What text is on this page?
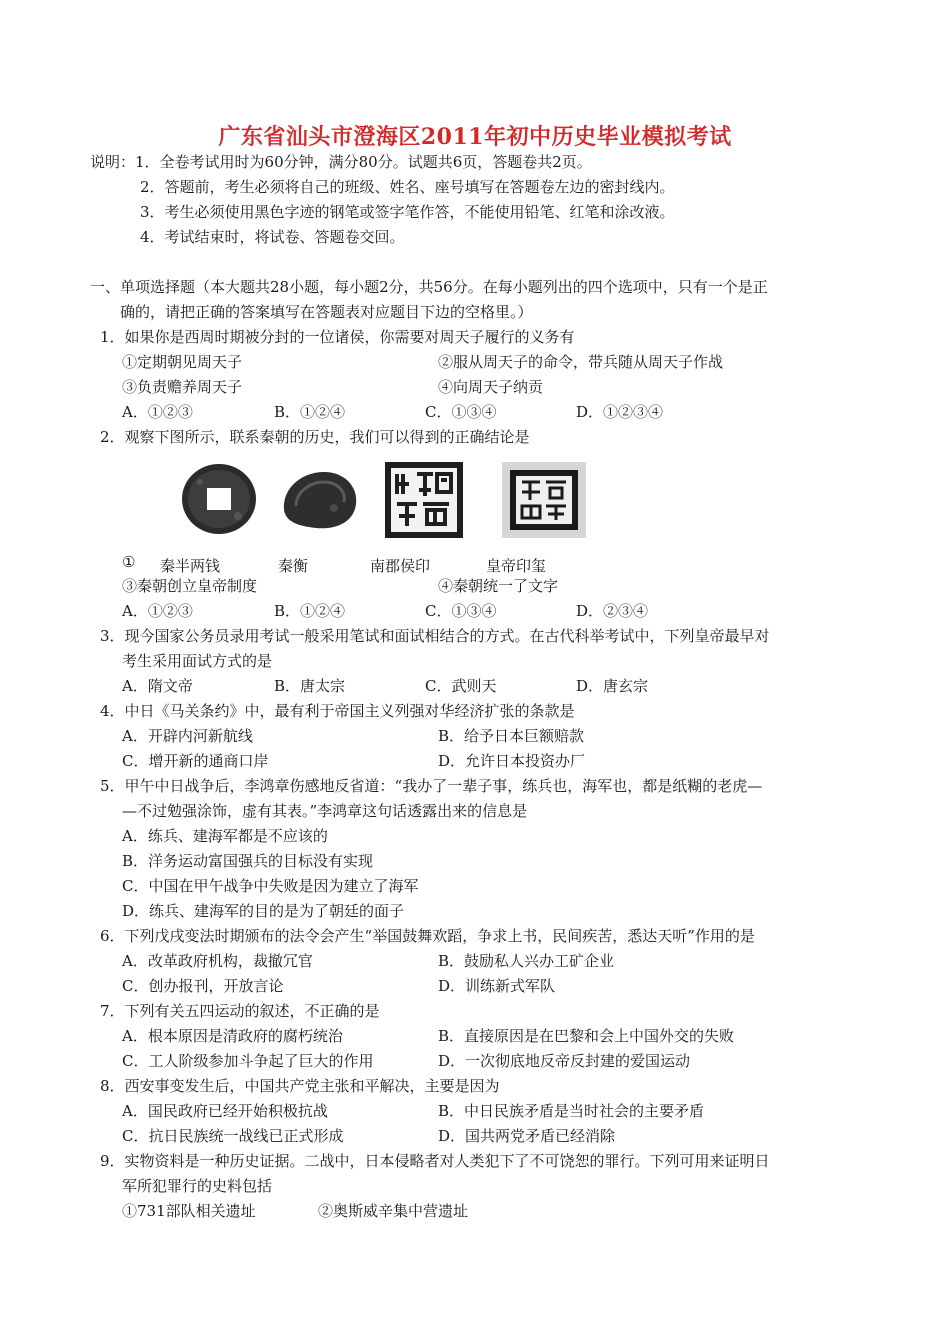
广东省汕头市澄海区2011年初中历史毕业模拟考试
说明：1．全卷考试用时为60分钟，满分80分。试题共6页，答题卷共2页。
2．答题前，考生必须将自己的班级、姓名、座号填写在答题卷左边的密封线内。
3．考生必须使用黑色字迹的钢笔或签字笔作答，不能使用铅笔、红笔和涂改液。
4．考试结束时，将试卷、答题卷交回。
一、单项选择题（本大题共28小题，每小题2分，共56分。在每小题列出的四个选项中，只有一个是正
确的，请把正确的答案填写在答题表对应题目下边的空格里。）
1．如果你是西周时期被分封的一位诸侯，你需要对周天子履行的义务有
①定期朝见周天子	②服从周天子的命令，带兵随从周天子作战
③负责赡养周天子	④向周天子纳贡
A．①②③	B．①②④	C．①③④	D．①②③④
2．观察下图所示，联系秦朝的历史，我们可以得到的正确结论是
① 秦半两钱	秦衡	南郡侯印	皇帝印玺
③秦朝创立皇帝制度	④秦朝统一了文字
A．①②③	B．①②④	C．①③④	D．②③④
3．现今国家公务员录用考试一般采用笔试和面试相结合的方式。在古代科举考试中，下列皇帝最早对
考生采用面试方式的是
A．隋文帝	B．唐太宗	C．武则天	D．唐玄宗
4．中日《马关条约》中，最有利于帝国主义列强对华经济扩张的条款是
A．开辟内河新航线	B．给予日本巨额赔款
C．增开新的通商口岸	D．允许日本投资办厂
5．甲午中日战争后，李鸿章伤感地反省道：“我办了一辈子事，练兵也，海军也，都是纸糊的老虎—
—不过勉强涂饰，虚有其表。”李鸿章这句话透露出来的信息是
A．练兵、建海军都是不应该的
B．洋务运动富国强兵的目标没有实现
C．中国在甲午战争中失败是因为建立了海军
D．练兵、建海军的目的是为了朝廷的面子
6．下列戊戌变法时期颁布的法令会产生“举国鼓舞欢蹈，争求上书，民间疾苦，悉达天听”作用的是
A．改革政府机构，裁撤冗官	B．鼓励私人兴办工矿企业
C．创办报刊，开放言论	D．训练新式军队
7．下列有关五四运动的叙述，不正确的是
A．根本原因是清政府的腐朽统治	B．直接原因是在巴黎和会上中国外交的失败
C．工人阶级参加斗争起了巨大的作用	D．一次彻底地反帝反封建的爱国运动
8．西安事变发生后，中国共产党主张和平解决，主要是因为
A．国民政府已经开始积极抗战	B．中日民族矛盾是当时社会的主要矛盾
C．抗日民族统一战线已正式形成	D．国共两党矛盾已经消除
9．实物资料是一种历史证据。二战中，日本侵略者对人类犯下了不可饶恕的罪行。下列可用来证明日
军所犯罪行的史料包括
①731部队相关遗址	②奥斯威辛集中营遗址
